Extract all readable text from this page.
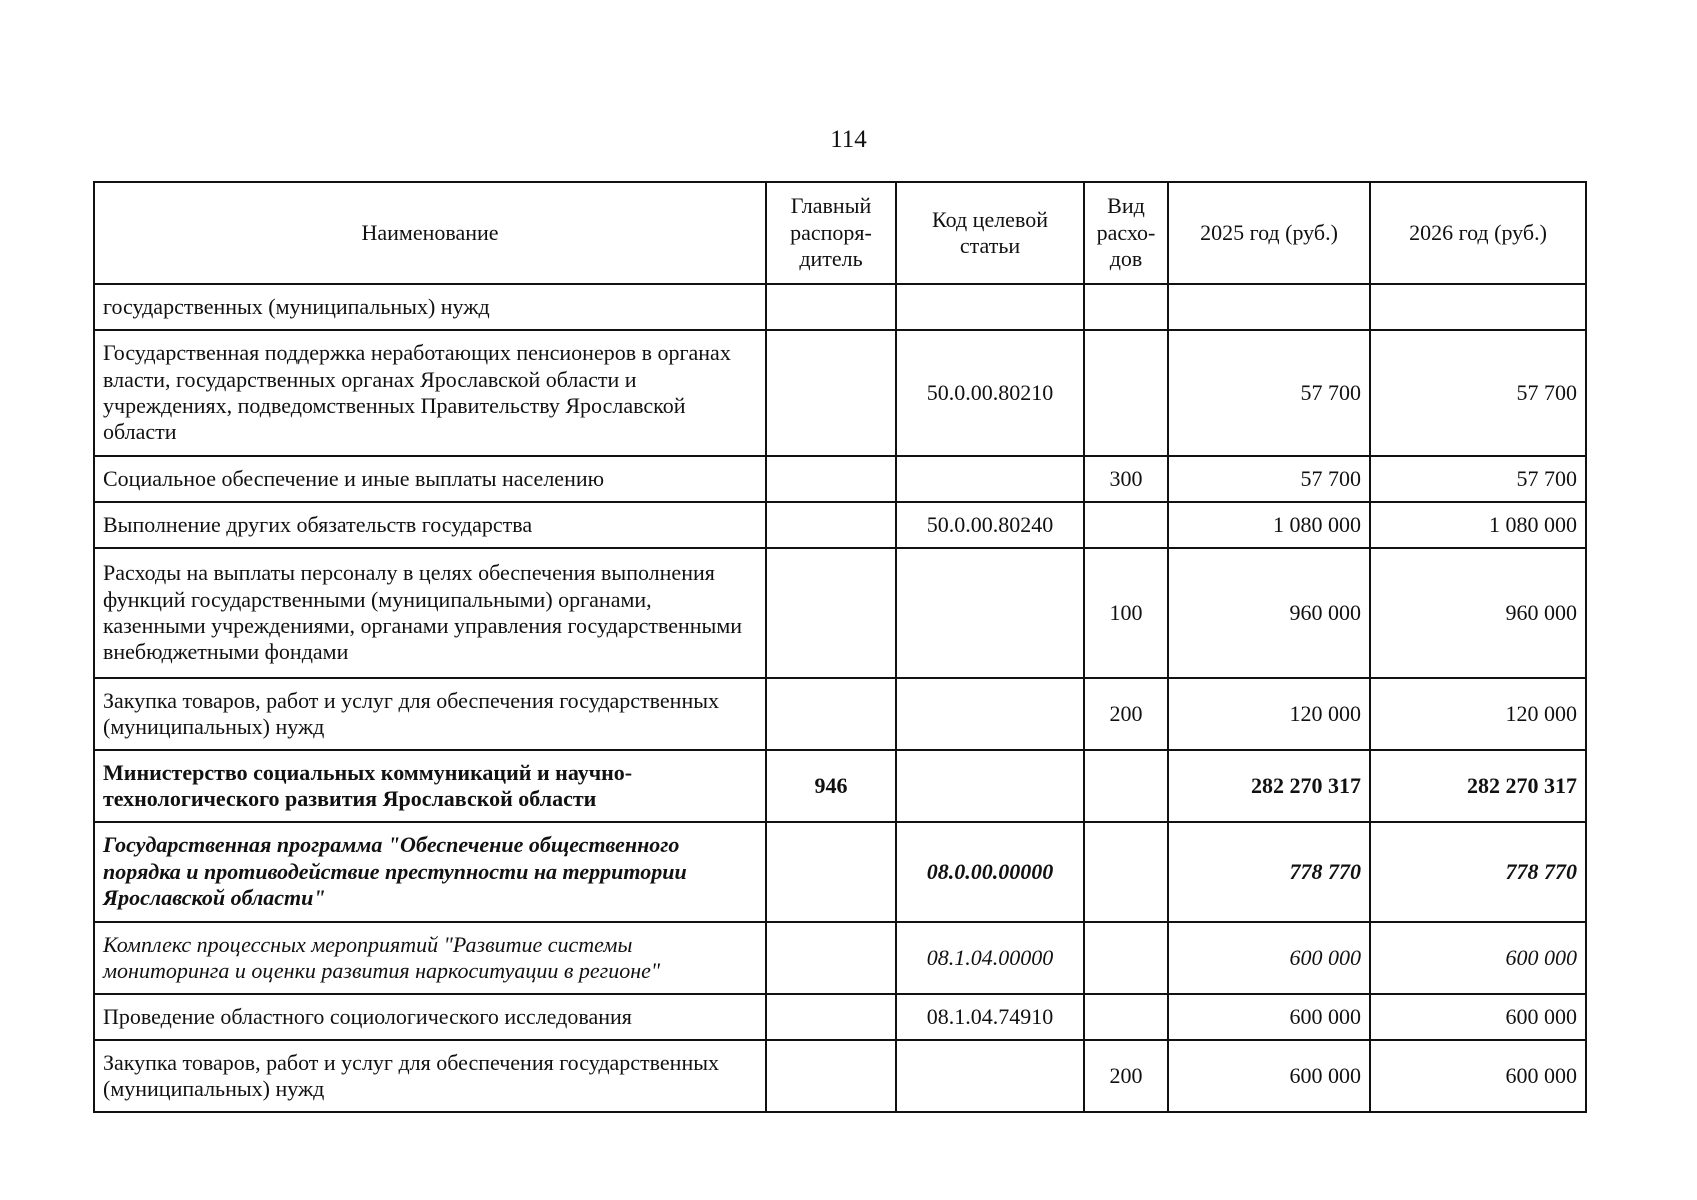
114
Наименование	Главный распоря- дитель	Код целевой статьи	Вид расхо- дов	2025 год (руб.)	2026 год (руб.)
государственных (муниципальных) нужд					
Государственная поддержка неработающих пенсионеров в органах власти, государственных органах Ярославской области и учреждениях, подведомственных Правительству Ярославской области		50.0.00.80210		57 700	57 700
Социальное обеспечение и иные выплаты населению			300	57 700	57 700
Выполнение других обязательств государства		50.0.00.80240		1 080 000	1 080 000
Расходы на выплаты персоналу в целях обеспечения выполнения функций государственными (муниципальными) органами, казенными учреждениями, органами управления государственными внебюджетными фондами			100	960 000	960 000
Закупка товаров, работ и услуг для обеспечения государственных (муниципальных) нужд			200	120 000	120 000
Министерство социальных коммуникаций и научно-технологического развития Ярославской области	946			282 270 317	282 270 317
Государственная программа "Обеспечение общественного порядка и противодействие преступности на территории Ярославской области"		08.0.00.00000		778 770	778 770
Комплекс процессных мероприятий "Развитие системы мониторинга и оценки развития наркоситуации в регионе"		08.1.04.00000		600 000	600 000
Проведение областного социологического исследования		08.1.04.74910		600 000	600 000
Закупка товаров, работ и услуг для обеспечения государственных (муниципальных) нужд			200	600 000	600 000
